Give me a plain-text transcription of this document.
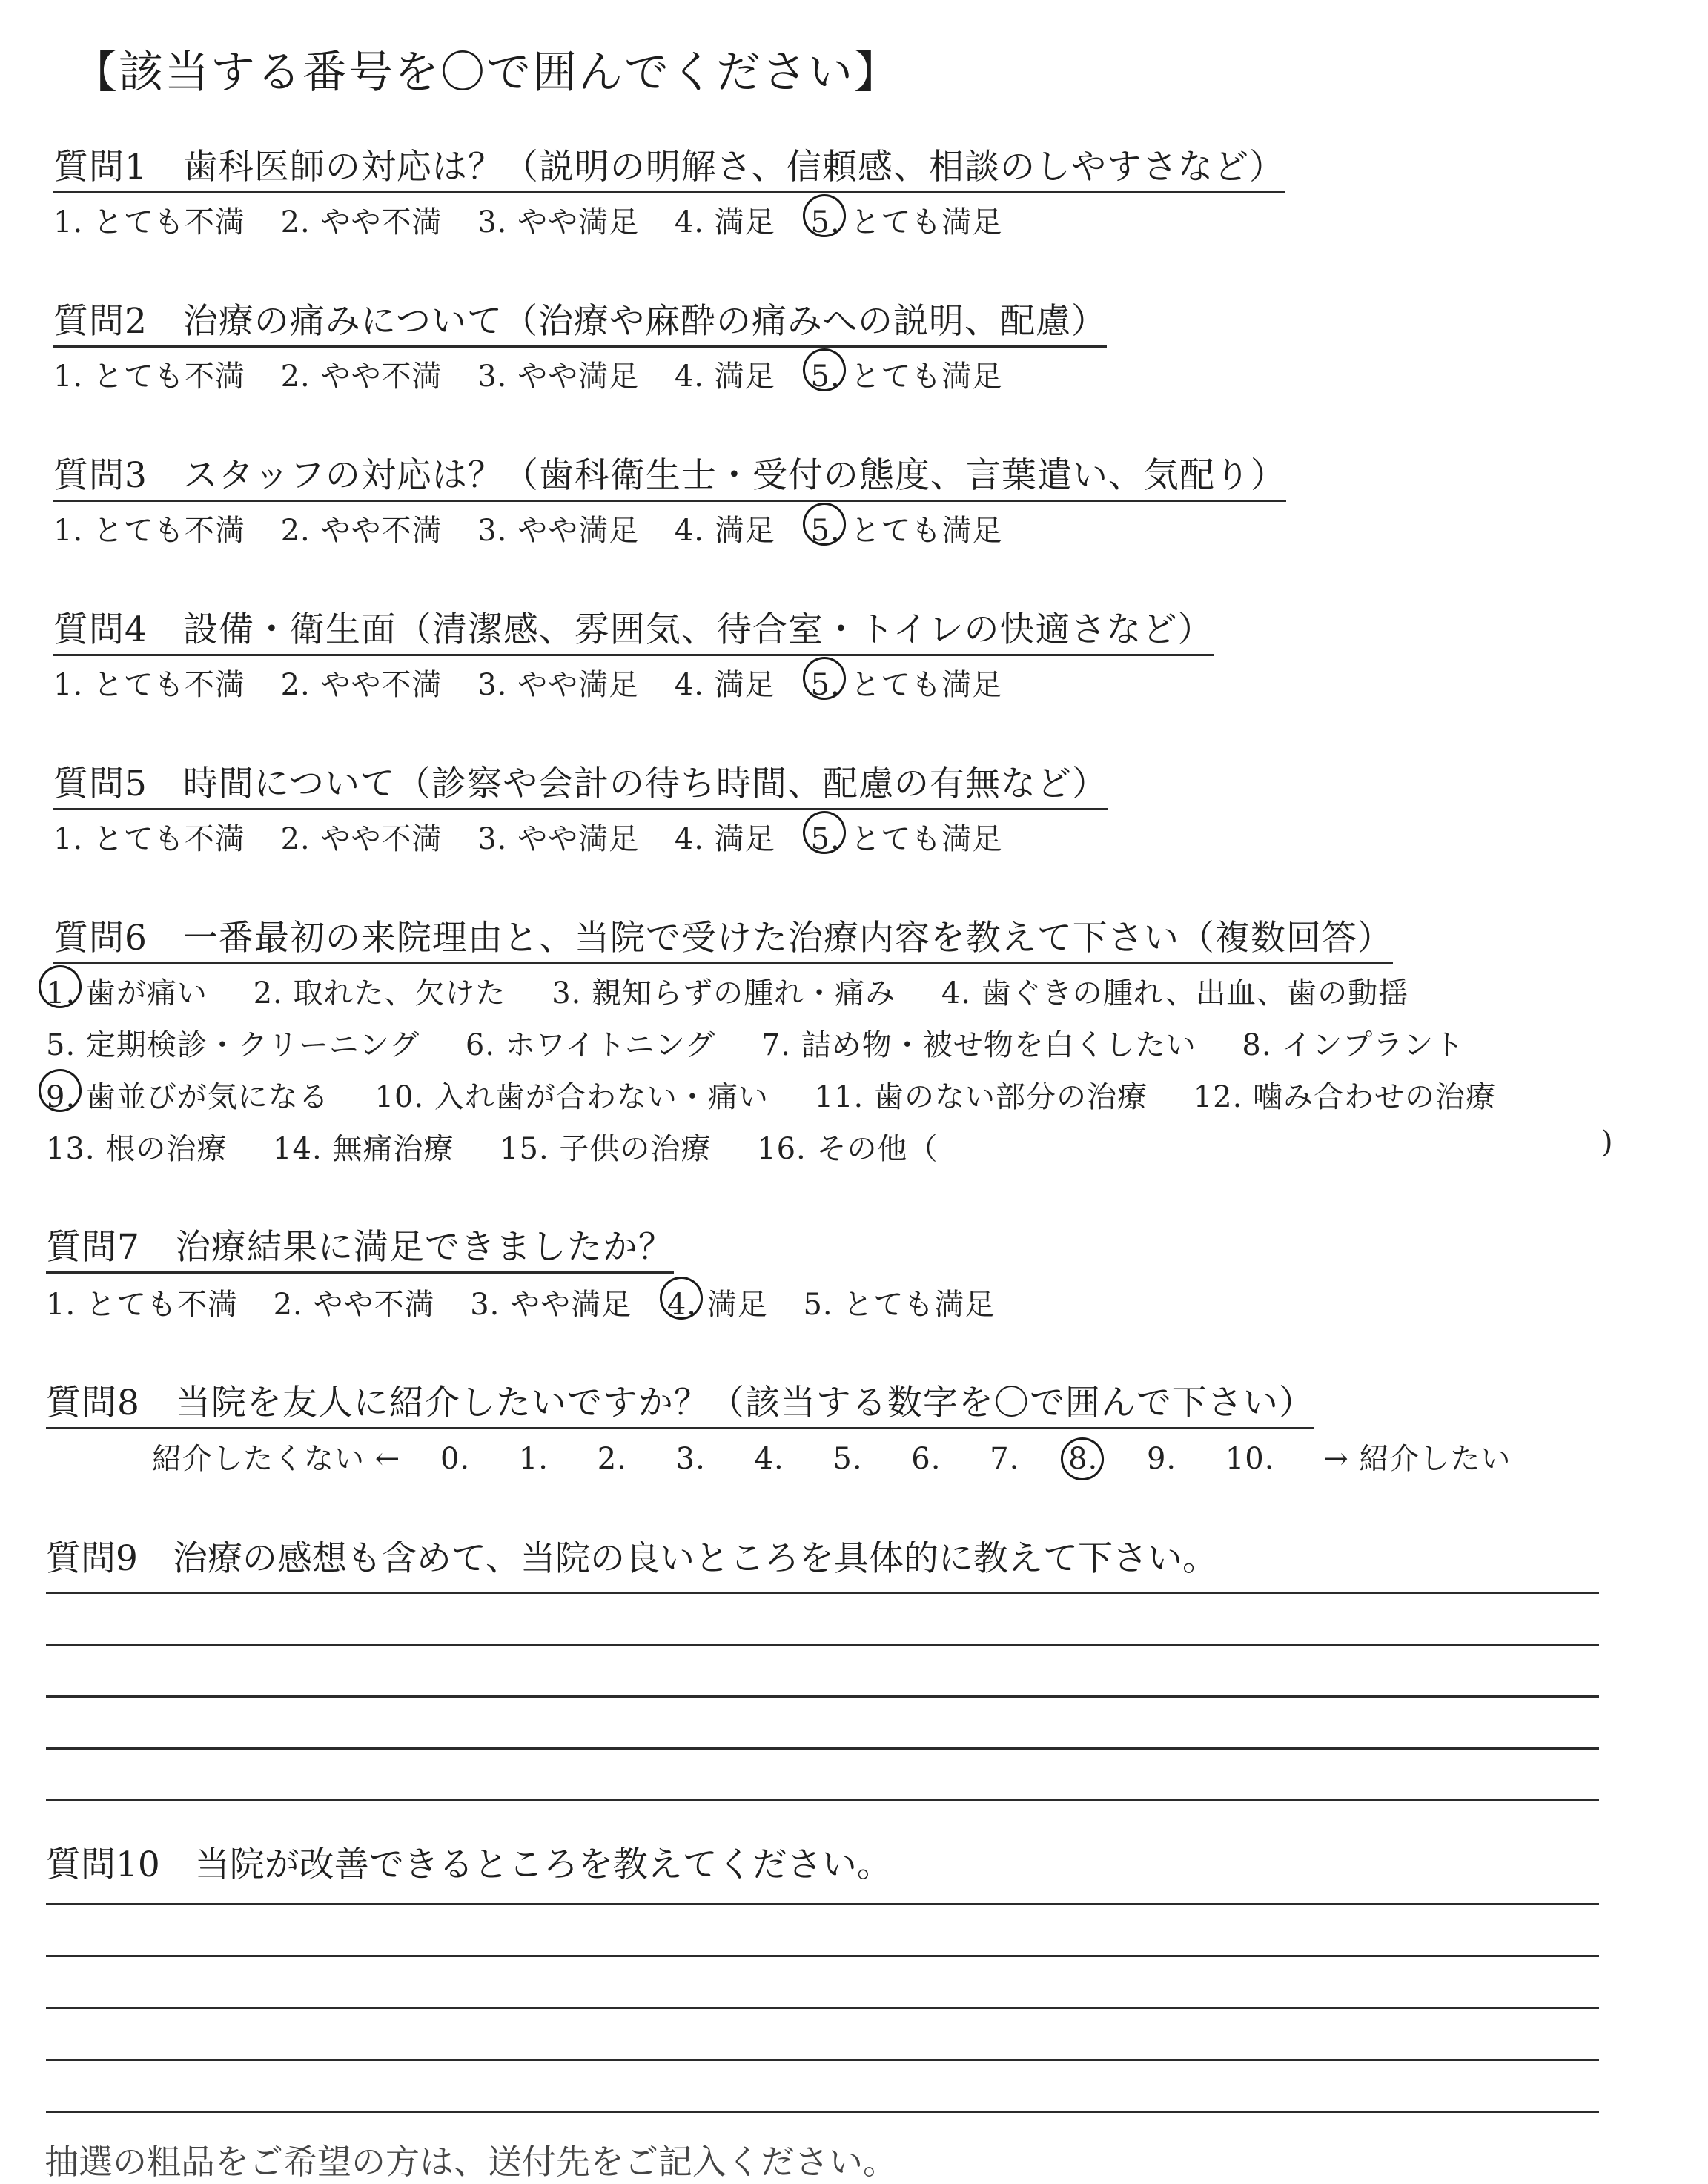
【該当する番号を〇で囲んでください】
質問1　歯科医師の対応は？（説明の明解さ、信頼感、相談のしやすさなど）
1. とても不満 2. やや不満 3. やや満足 4. 満足 5. とても満足
質問2　治療の痛みについて（治療や麻酔の痛みへの説明、配慮）
1. とても不満 2. やや不満 3. やや満足 4. 満足 5. とても満足
質問3　スタッフの対応は？（歯科衛生士・受付の態度、言葉遣い、気配り）
1. とても不満 2. やや不満 3. やや満足 4. 満足 5. とても満足
質問4　設備・衛生面（清潔感、雰囲気、待合室・トイレの快適さなど）
1. とても不満 2. やや不満 3. やや満足 4. 満足 5. とても満足
質問5　時間について（診察や会計の待ち時間、配慮の有無など）
1. とても不満 2. やや不満 3. やや満足 4. 満足 5. とても満足
質問6　一番最初の来院理由と、当院で受けた治療内容を教えて下さい（複数回答）
1. 歯が痛い 2. 取れた、欠けた 3. 親知らずの腫れ・痛み 4. 歯ぐきの腫れ、出血、歯の動揺
5. 定期検診・クリーニング 6. ホワイトニング 7. 詰め物・被せ物を白くしたい 8. インプラント
9. 歯並びが気になる 10. 入れ歯が合わない・痛い 11. 歯のない部分の治療 12. 噛み合わせの治療
13. 根の治療 14. 無痛治療 15. 子供の治療 16. その他（	)
質問7　治療結果に満足できましたか？
1. とても不満 2. やや不満 3. やや満足 4. 満足 5. とても満足
質問8　当院を友人に紹介したいですか？（該当する数字を〇で囲んで下さい）
紹介したくない ← 0. 1. 2. 3. 4. 5. 6. 7. 8. 9. 10. → 紹介したい
質問9　治療の感想も含めて、当院の良いところを具体的に教えて下さい。
質問10　当院が改善できるところを教えてください。
抽選の粗品をご希望の方は、送付先をご記入ください。
